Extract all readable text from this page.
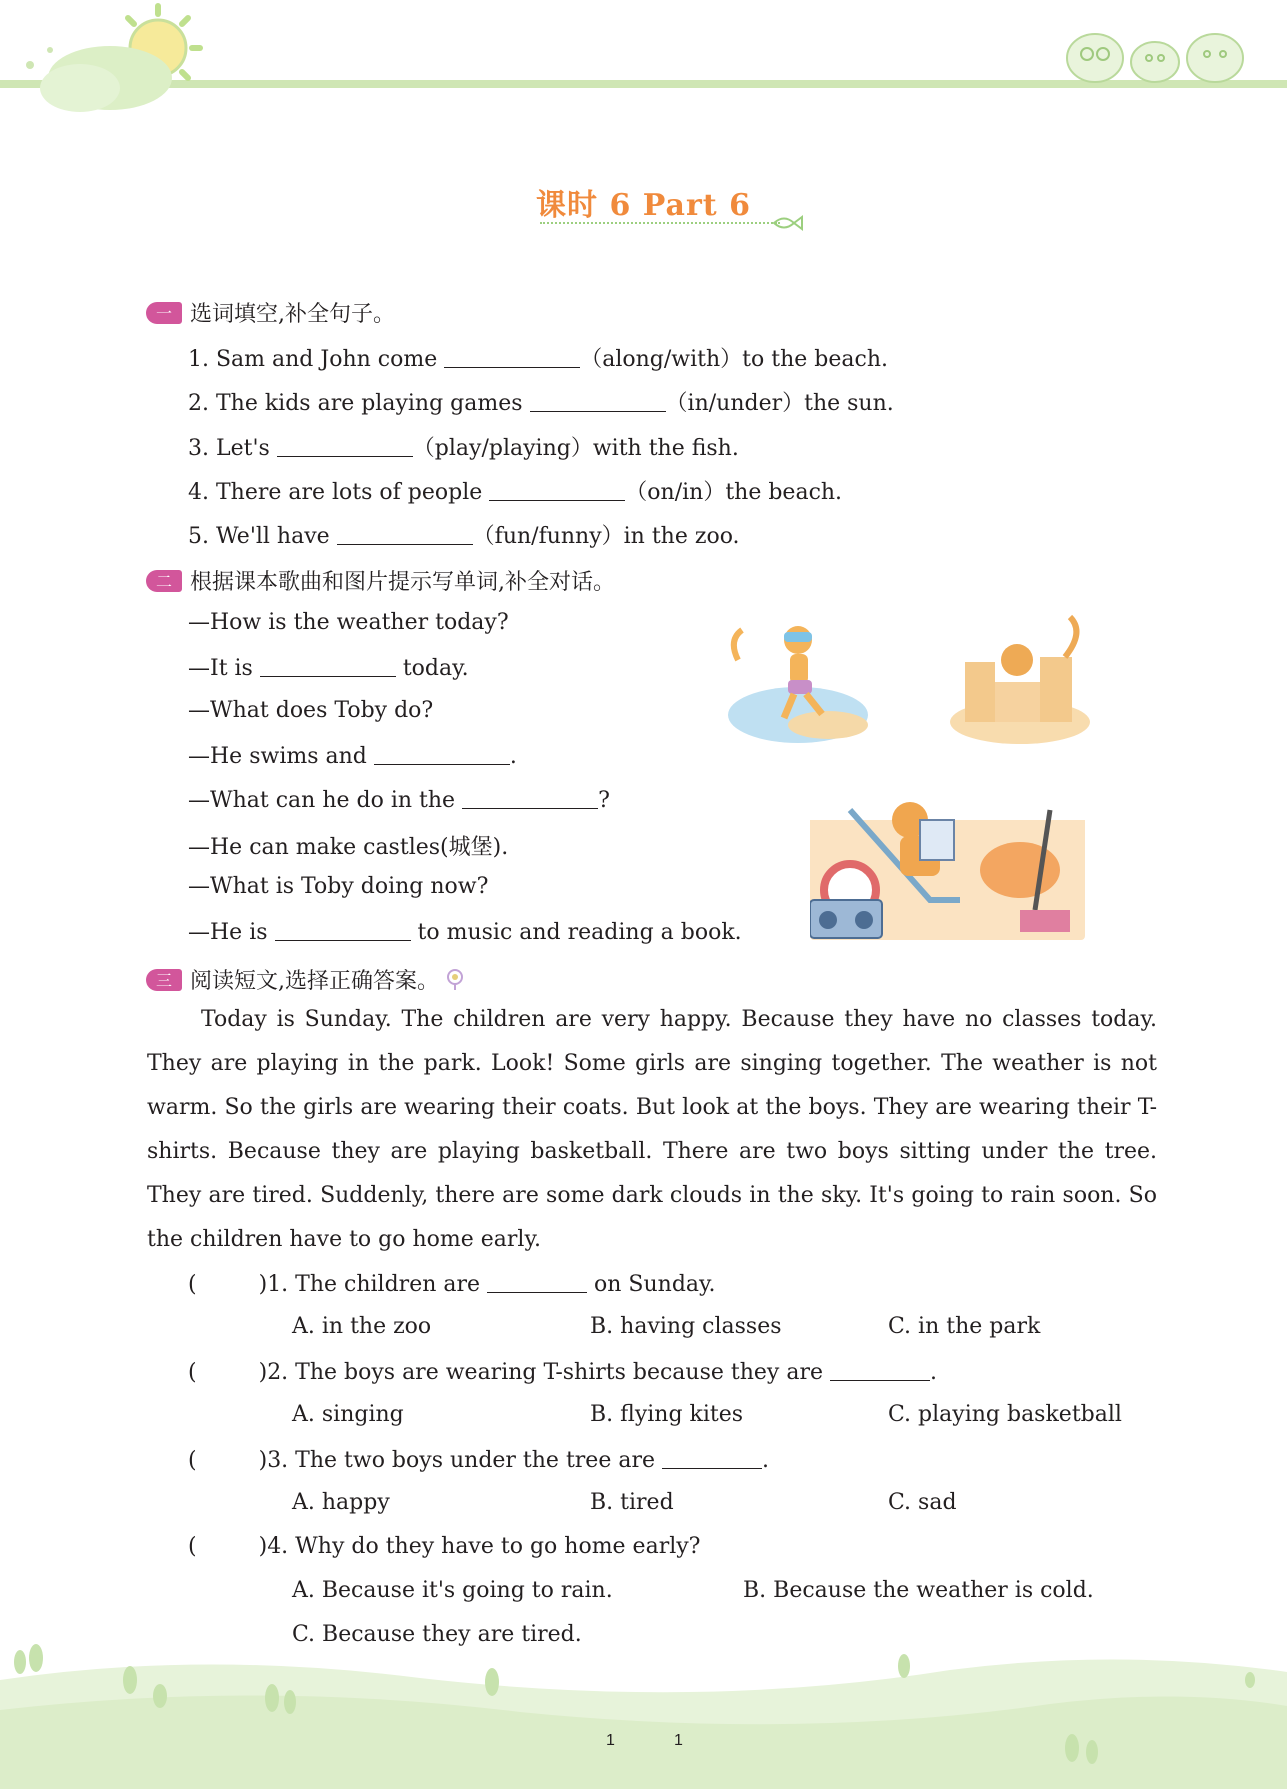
课时 6 Part 6
一 选词填空,补全句子。
1. Sam and John come	（along/with）to the beach.
2. The kids are playing games	（in/under）the sun.
3. Let's	（play/playing）with the fish.
4. There are lots of people	（on/in）the beach.
5. We'll have	（fun/funny）in the zoo.
二 根据课本歌曲和图片提示写单词,补全对话。
—How is the weather today?
—It is	today.
—What does Toby do?
—He swims and	.
—What can he do in the	?
—He can make castles(城堡).
—What is Toby doing now?
—He is	to music and reading a book.
三 阅读短文,选择正确答案。
Today is Sunday. The children are very happy. Because they have no classes today. They are playing in the park. Look! Some girls are singing together. The weather is not warm. So the girls are wearing their coats. But look at the boys. They are wearing their T-shirts. Because they are playing basketball. There are two boys sitting under the tree. They are tired. Suddenly, there are some dark clouds in the sky. It's going to rain soon. So the children have to go home early.
(	)1. The children are	on Sunday.
A. in the zoo	B. having classes	C. in the park
(	)2. The boys are wearing T-shirts because they are	.
A. singing	B. flying kites	C. playing basketball
(	)3. The two boys under the tree are	.
A. happy	B. tired	C. sad
(	)4. Why do they have to go home early?
A. Because it's going to rain.	B. Because the weather is cold.
C. Because they are tired.
1	1
